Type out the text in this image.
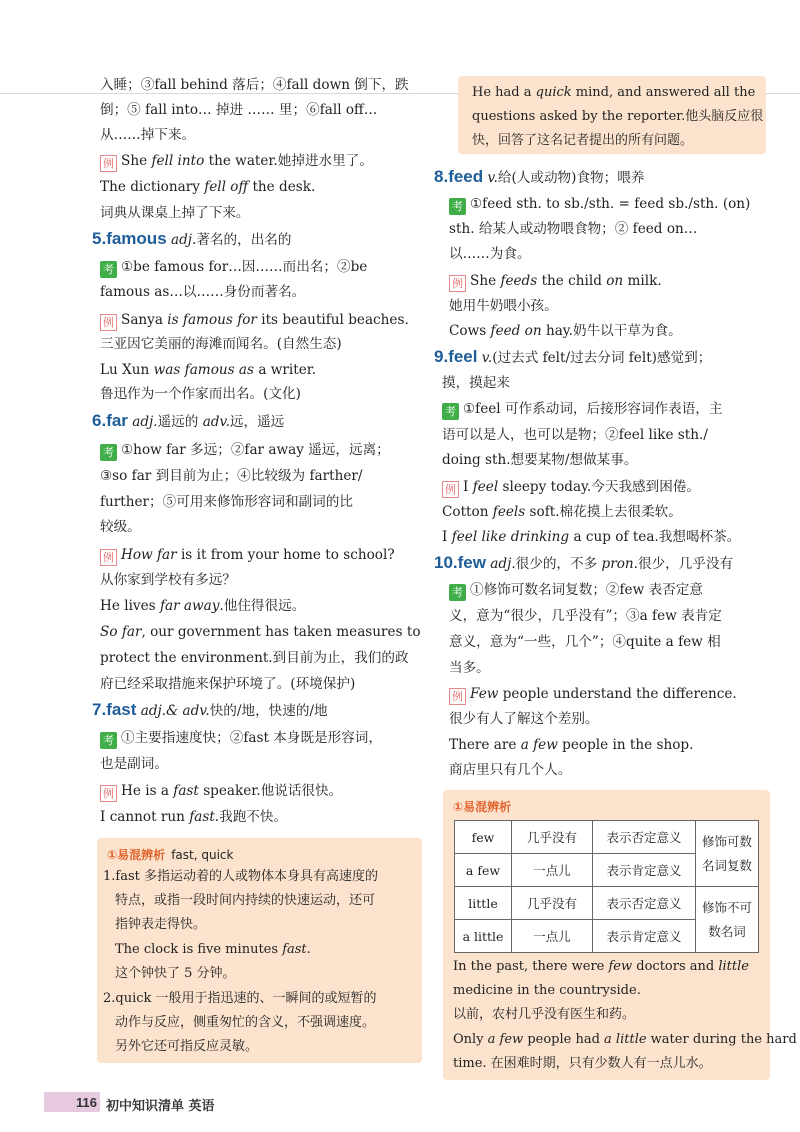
入睡；③fall behind 落后；④fall down 倒下，跌
倒；⑤ fall into… 掉进 …… 里；⑥fall off…
从……掉下来。
例 She fell into the water.她掉进水里了。
The dictionary fell off the desk.
词典从课桌上掉了下来。
5.famous adj.著名的，出名的
考 ①be famous for…因……而出名；②be
famous as…以……身份而著名。
例 Sanya is famous for its beautiful beaches.
三亚因它美丽的海滩而闻名。(自然生态)
Lu Xun was famous as a writer.
鲁迅作为一个作家而出名。(文化)
6.far adj.遥远的 adv.远，遥远
考 ①how far 多远；②far away 遥远，远离；
③so far 到目前为止；④比较级为 farther/
further；⑤可用来修饰形容词和副词的比
较级。
例 How far is it from your home to school?
从你家到学校有多远？
He lives far away.他住得很远。
So far, our government has taken measures to
protect the environment.到目前为止，我们的政
府已经采取措施来保护环境了。(环境保护)
7.fast adj.& adv.快的/地，快速的/地
考 ①主要指速度快；②fast 本身既是形容词，
也是副词。
例 He is a fast speaker.他说话很快。
I cannot run fast.我跑不快。
①易混辨析 fast, quick
1.fast 多指运动着的人或物体本身具有高速度的
特点，或指一段时间内持续的快速运动，还可
指钟表走得快。
The clock is five minutes fast.
这个钟快了 5 分钟。
2.quick 一般用于指迅速的、一瞬间的或短暂的
动作与反应，侧重匆忙的含义，不强调速度。
另外它还可指反应灵敏。
He had a quick mind, and answered all the
questions asked by the reporter.他头脑反应很
快，回答了这名记者提出的所有问题。
8.feed v.给(人或动物)食物；喂养
考 ①feed sth. to sb./sth. = feed sb./sth. (on)
sth. 给某人或动物喂食物；② feed on…
以……为食。
例 She feeds the child on milk.
她用牛奶喂小孩。
Cows feed on hay.奶牛以干草为食。
9.feel v.(过去式 felt/过去分词 felt)感觉到；
摸，摸起来
考 ①feel 可作系动词，后接形容词作表语，主
语可以是人，也可以是物；②feel like sth./
doing sth.想要某物/想做某事。
例 I feel sleepy today.今天我感到困倦。
Cotton feels soft.棉花摸上去很柔软。
I feel like drinking a cup of tea.我想喝杯茶。
10.few adj.很少的，不多 pron.很少，几乎没有
考 ①修饰可数名词复数；②few 表否定意
义，意为“很少，几乎没有”；③a few 表肯定
意义，意为“一些，几个”；④quite a few 相
当多。
例 Few people understand the difference.
很少有人了解这个差别。
There are a few people in the shop.
商店里只有几个人。
①易混辨析
few	几乎没有	表示否定意义	修饰可数
名词复数

a few	一点儿	表示肯定意义	
little	几乎没有	表示否定意义	修饰不可
数名词

a little	一点儿	表示肯定意义	
In the past, there were few doctors and little
medicine in the countryside.
以前，农村几乎没有医生和药。
Only a few people had a little water during the hard
time. 在困难时期，只有少数人有一点儿水。
116 初中知识清单 英语
